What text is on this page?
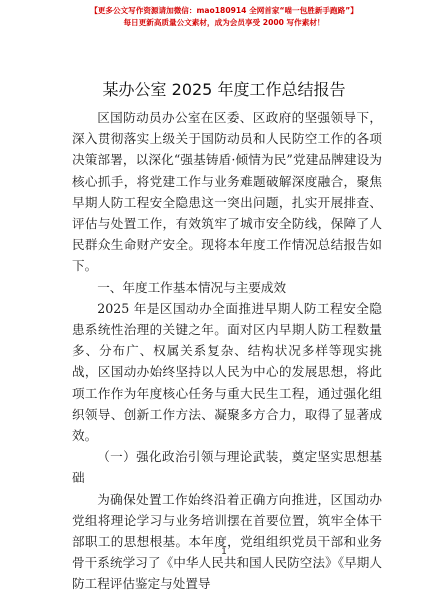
【更多公文写作资源请加微信：mao180914 全网首家“喵一包胜新手跑路”】
每日更新高质量公文素材，成为会员享受 2000 写作素材！
某办公室 2025 年度工作总结报告

区国防动员办公室在区委、区政府的坚强领导下，深入贯彻落实上级关于国防动员和人民防空工作的各项决策部署，以深化“强基铸盾·倾情为民”党建品牌建设为核心抓手，将党建工作与业务难题破解深度融合，聚焦早期人防工程安全隐患这一突出问题，扎实开展排查、评估与处置工作，有效筑牢了城市安全防线，保障了人民群众生命财产安全。现将本年度工作情况总结报告如下。

一、年度工作基本情况与主要成效

2025 年是区国动办全面推进早期人防工程安全隐患系统性治理的关键之年。面对区内早期人防工程数量多、分布广、权属关系复杂、结构状况多样等现实挑战，区国动办始终坚持以人民为中心的发展思想，将此项工作作为年度核心任务与重大民生工程，通过强化组织领导、创新工作方法、凝聚多方合力，取得了显著成效。

（一）强化政治引领与理论武装，奠定坚实思想基础

为确保处置工作始终沿着正确方向推进，区国动办党组将理论学习与业务培训摆在首要位置，筑牢全体干部职工的思想根基。本年度，党组组织党员干部和业务骨干系统学习了《中华人民共和国人民防空法》《早期人防工程评估鉴定与处置导

1
